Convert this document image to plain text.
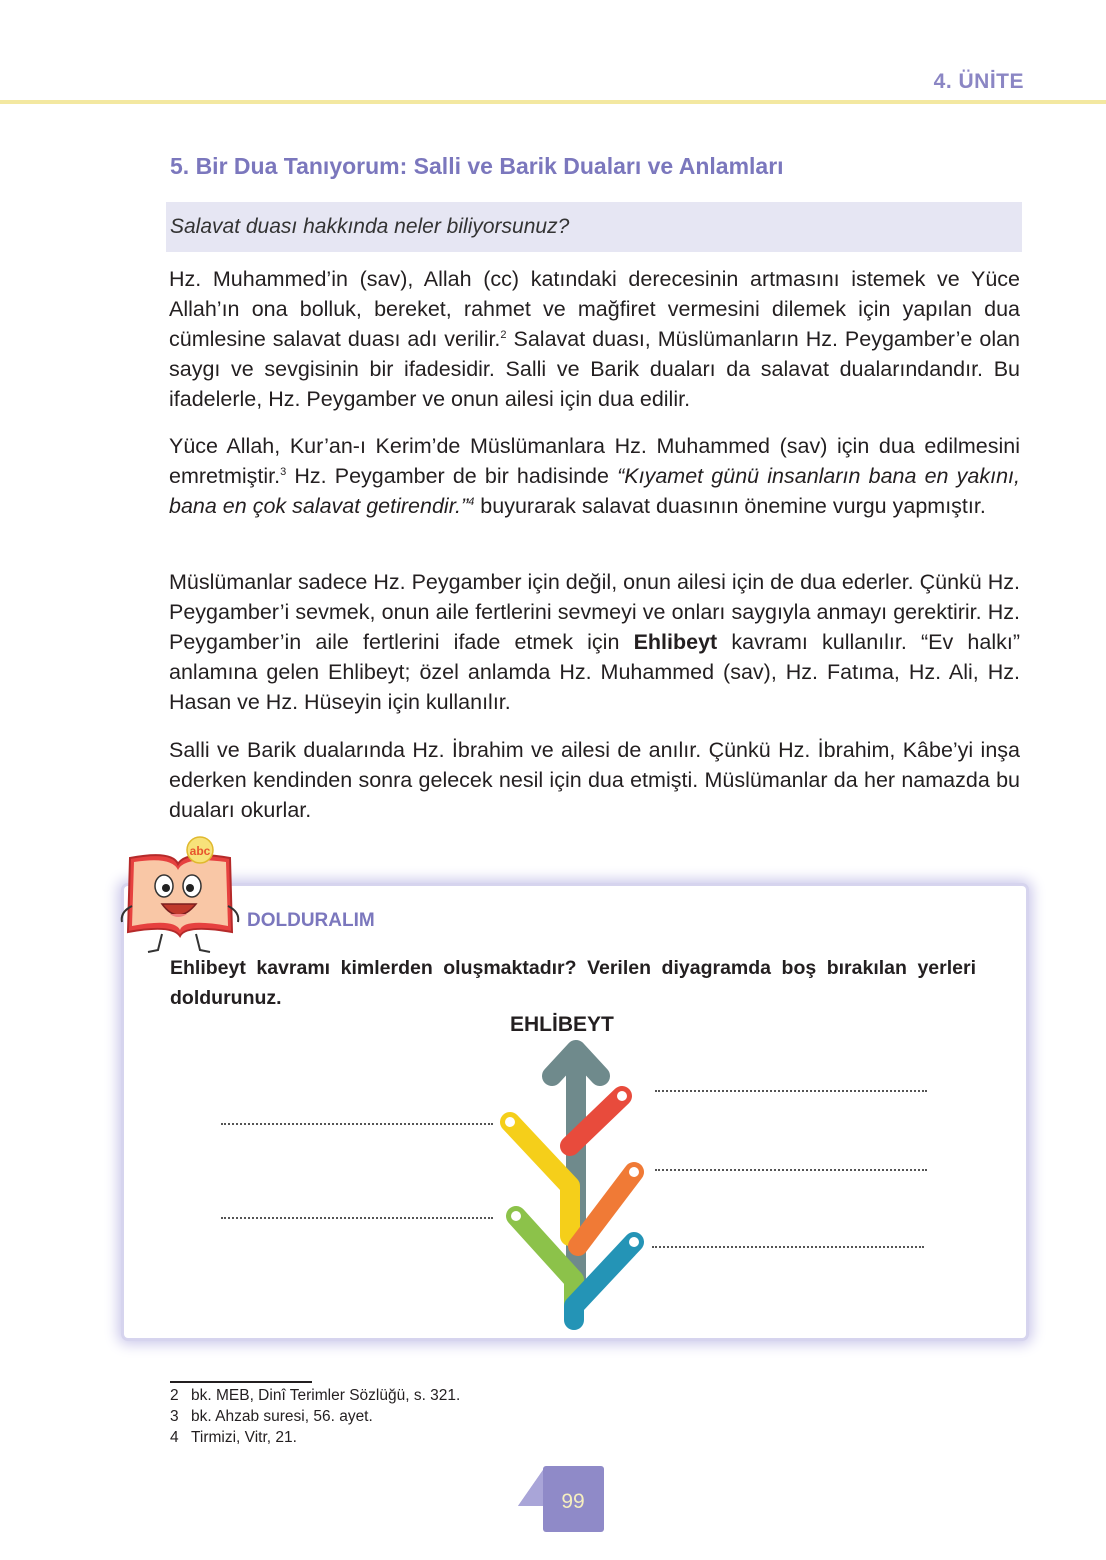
4. ÜNİTE
5. Bir Dua Tanıyorum: Salli ve Barik Duaları ve Anlamları
Salavat duası hakkında neler biliyorsunuz?

Hz. Muhammed’in (sav), Allah (cc) katındaki derecesinin artmasını istemek ve Yüce Allah’ın ona bolluk, bereket, rahmet ve mağfiret vermesini dilemek için yapılan dua cümlesine salavat duası adı verilir.$^2$ Salavat duası, Müslümanların Hz. Peygamber’e olan saygı ve sevgisinin bir ifadesidir. Salli ve Barik duaları da salavat dualarındandır. Bu ifadelerle, Hz. Peygamber ve onun ailesi için dua edilir.

Yüce Allah, Kur’an-ı Kerim’de Müslümanlara Hz. Muhammed (sav) için dua edilmesini emretmiştir.$^3$ Hz. Peygamber de bir hadisinde “Kıyamet günü insanların bana en yakını, bana en çok salavat getirendir.”$^4$ buyurarak salavat duasının önemine vurgu yapmıştır.

Müslümanlar sadece Hz. Peygamber için değil, onun ailesi için de dua ederler. Çünkü Hz. Peygamber’i sevmek, onun aile fertlerini sevmeyi ve onları saygıyla anmayı gerektirir. Hz. Peygamber’in aile fertlerini ifade etmek için Ehlibeyt kavramı kullanılır. “Ev halkı” anlamına gelen Ehlibeyt; özel anlamda Hz. Muhammed (sav), Hz. Fatıma, Hz. Ali, Hz. Hasan ve Hz. Hüseyin için kullanılır.

Salli ve Barik dualarında Hz. İbrahim ve ailesi de anılır. Çünkü Hz. İbrahim, Kâbe’yi inşa ederken kendinden sonra gelecek nesil için dua etmişti. Müslümanlar da her namazda bu duaları okurlar.

abc
DOLDURALIM

Ehlibeyt kavramı kimlerden oluşmaktadır? Verilen diyagramda boş bırakılan yerleri doldurunuz.

EHLİBEYT
2 bk. MEB, Dinî Terimler Sözlüğü, s. 321.
3 bk. Ahzab suresi, 56. ayet.
4 Tirmizi, Vitr, 21.
99
